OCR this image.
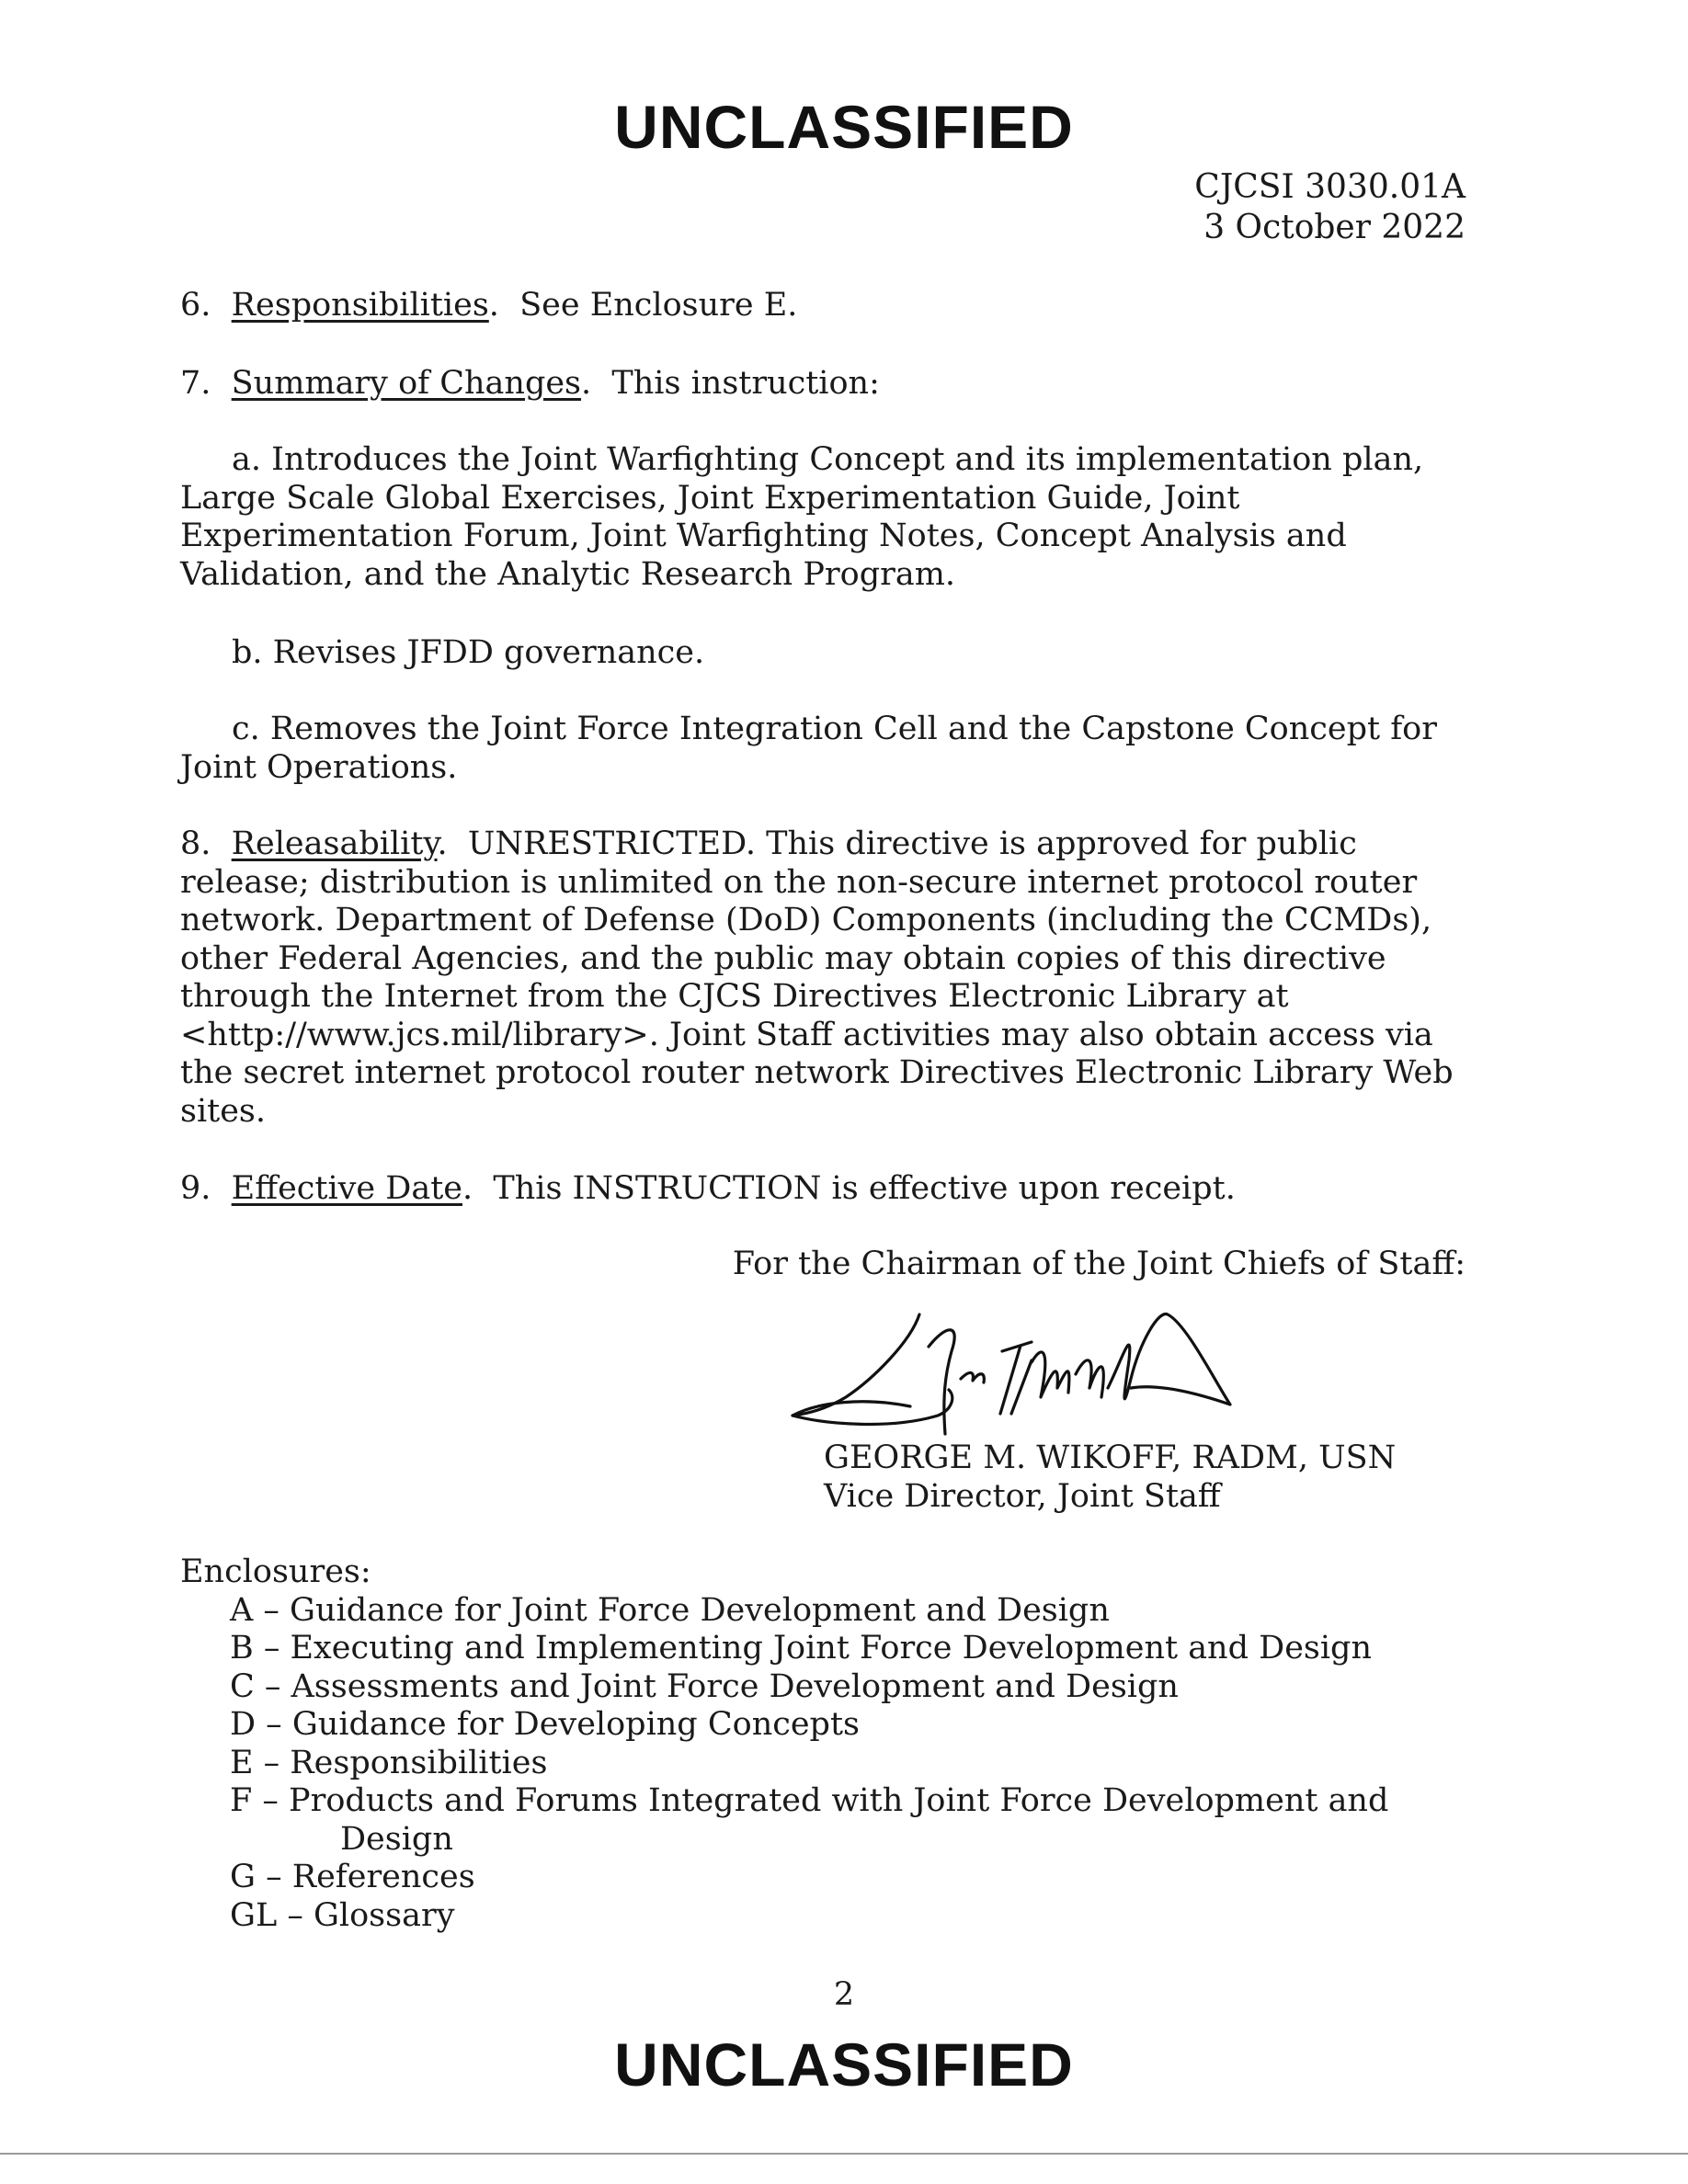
UNCLASSIFIED
CJCSI 3030.01A
3 October 2022

6. Responsibilities.  See Enclosure E.

7. Summary of Changes.  This instruction:

a. Introduces the Joint Warfighting Concept and its implementation plan, Large Scale Global Exercises, Joint Experimentation Guide, Joint Experimentation Forum, Joint Warfighting Notes, Concept Analysis and Validation, and the Analytic Research Program.

b. Revises JFDD governance.

c. Removes the Joint Force Integration Cell and the Capstone Concept for Joint Operations.

8. Releasability.  UNRESTRICTED. This directive is approved for public release; distribution is unlimited on the non-secure internet protocol router network. Department of Defense (DoD) Components (including the CCMDs), other Federal Agencies, and the public may obtain copies of this directive through the Internet from the CJCS Directives Electronic Library at <http://www.jcs.mil/library>. Joint Staff activities may also obtain access via the secret internet protocol router network Directives Electronic Library Web sites.

9. Effective Date.  This INSTRUCTION is effective upon receipt.

For the Chairman of the Joint Chiefs of Staff:
GEORGE M. WIKOFF, RADM, USN
Vice Director, Joint Staff
Enclosures:
A – Guidance for Joint Force Development and Design
B – Executing and Implementing Joint Force Development and Design
C – Assessments and Joint Force Development and Design
D – Guidance for Developing Concepts
E – Responsibilities
F – Products and Forums Integrated with Joint Force Development and
Design
G – References
GL – Glossary
2
UNCLASSIFIED
